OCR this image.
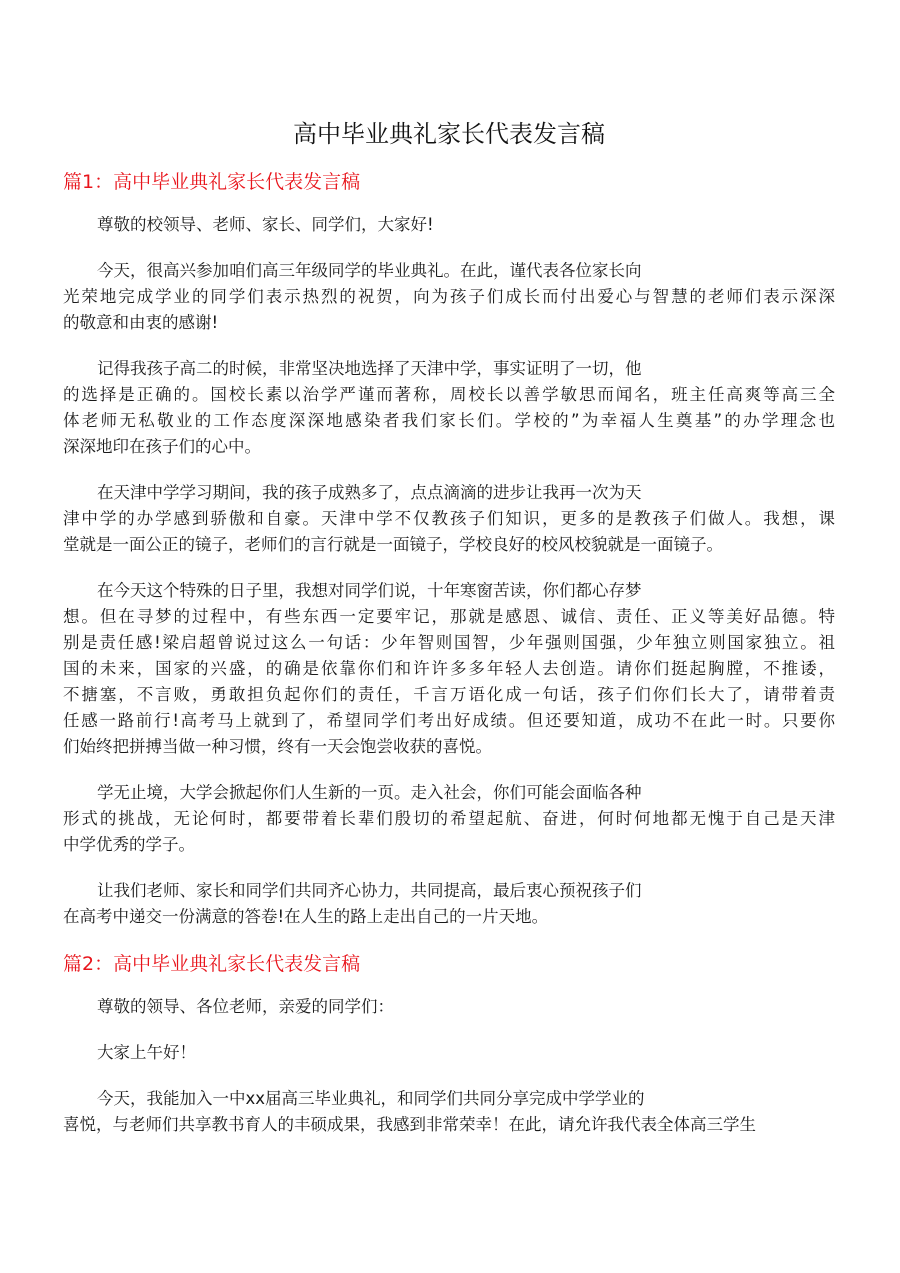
高中毕业典礼家长代表发言稿
篇1：高中毕业典礼家长代表发言稿
尊敬的校领导、老师、家长、同学们，大家好!
今天，很高兴参加咱们高三年级同学的毕业典礼。在此，谨代表各位家长向
光荣地完成学业的同学们表示热烈的祝贺，向为孩子们成长而付出爱心与智慧的老师们表示深深
的敬意和由衷的感谢!
记得我孩子高二的时候，非常坚决地选择了天津中学，事实证明了一切，他
的选择是正确的。国校长素以治学严谨而著称，周校长以善学敏思而闻名，班主任高爽等高三全
体老师无私敬业的工作态度深深地感染者我们家长们。学校的”为幸福人生奠基”的办学理念也
深深地印在孩子们的心中。
在天津中学学习期间，我的孩子成熟多了，点点滴滴的进步让我再一次为天
津中学的办学感到骄傲和自豪。天津中学不仅教孩子们知识，更多的是教孩子们做人。我想，课
堂就是一面公正的镜子，老师们的言行就是一面镜子，学校良好的校风校貌就是一面镜子。
在今天这个特殊的日子里，我想对同学们说，十年寒窗苦读，你们都心存梦
想。但在寻梦的过程中，有些东西一定要牢记，那就是感恩、诚信、责任、正义等美好品德。特
别是责任感!梁启超曾说过这么一句话：少年智则国智，少年强则国强，少年独立则国家独立。祖
国的未来，国家的兴盛，的确是依靠你们和许许多多年轻人去创造。请你们挺起胸膛，不推诿，
不搪塞，不言败，勇敢担负起你们的责任，千言万语化成一句话，孩子们你们长大了，请带着责
任感一路前行!高考马上就到了，希望同学们考出好成绩。但还要知道，成功不在此一时。只要你
们始终把拼搏当做一种习惯，终有一天会饱尝收获的喜悦。
学无止境，大学会掀起你们人生新的一页。走入社会，你们可能会面临各种
形式的挑战，无论何时，都要带着长辈们殷切的希望起航、奋进，何时何地都无愧于自己是天津
中学优秀的学子。
让我们老师、家长和同学们共同齐心协力，共同提高，最后衷心预祝孩子们
在高考中递交一份满意的答卷!在人生的路上走出自己的一片天地。
篇2：高中毕业典礼家长代表发言稿
尊敬的领导、各位老师，亲爱的同学们：
大家上午好！
今天，我能加入一中xx届高三毕业典礼，和同学们共同分享完成中学学业的
喜悦，与老师们共享教书育人的丰硕成果，我感到非常荣幸！在此，请允许我代表全体高三学生
